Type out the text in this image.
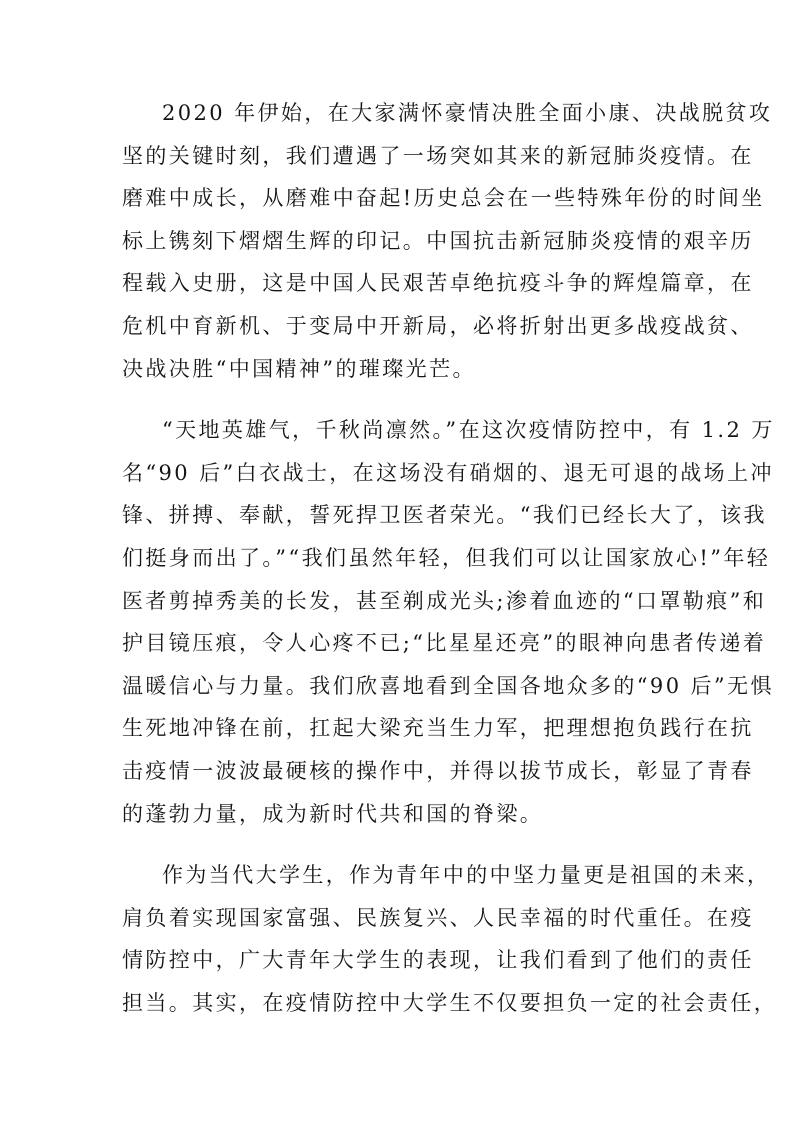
2020 年伊始，在大家满怀豪情决胜全面小康、决战脱贫攻
坚的关键时刻，我们遭遇了一场突如其来的新冠肺炎疫情。在
磨难中成长，从磨难中奋起!历史总会在一些特殊年份的时间坐
标上镌刻下熠熠生辉的印记。中国抗击新冠肺炎疫情的艰辛历
程载入史册，这是中国人民艰苦卓绝抗疫斗争的辉煌篇章，在
危机中育新机、于变局中开新局，必将折射出更多战疫战贫、
决战决胜“中国精神”的璀璨光芒。

“天地英雄气，千秋尚凛然。”在这次疫情防控中，有 1.2 万
名“90 后”白衣战士，在这场没有硝烟的、退无可退的战场上冲
锋、拼搏、奉献，誓死捍卫医者荣光。“我们已经长大了，该我
们挺身而出了。”“我们虽然年轻，但我们可以让国家放心!”年轻
医者剪掉秀美的长发，甚至剃成光头;渗着血迹的“口罩勒痕”和
护目镜压痕，令人心疼不已;“比星星还亮”的眼神向患者传递着
温暖信心与力量。我们欣喜地看到全国各地众多的“90 后”无惧
生死地冲锋在前，扛起大梁充当生力军，把理想抱负践行在抗
击疫情一波波最硬核的操作中，并得以拔节成长，彰显了青春
的蓬勃力量，成为新时代共和国的脊梁。

作为当代大学生，作为青年中的中坚力量更是祖国的未来，
肩负着实现国家富强、民族复兴、人民幸福的时代重任。在疫
情防控中，广大青年大学生的表现，让我们看到了他们的责任
担当。其实，在疫情防控中大学生不仅要担负一定的社会责任，
